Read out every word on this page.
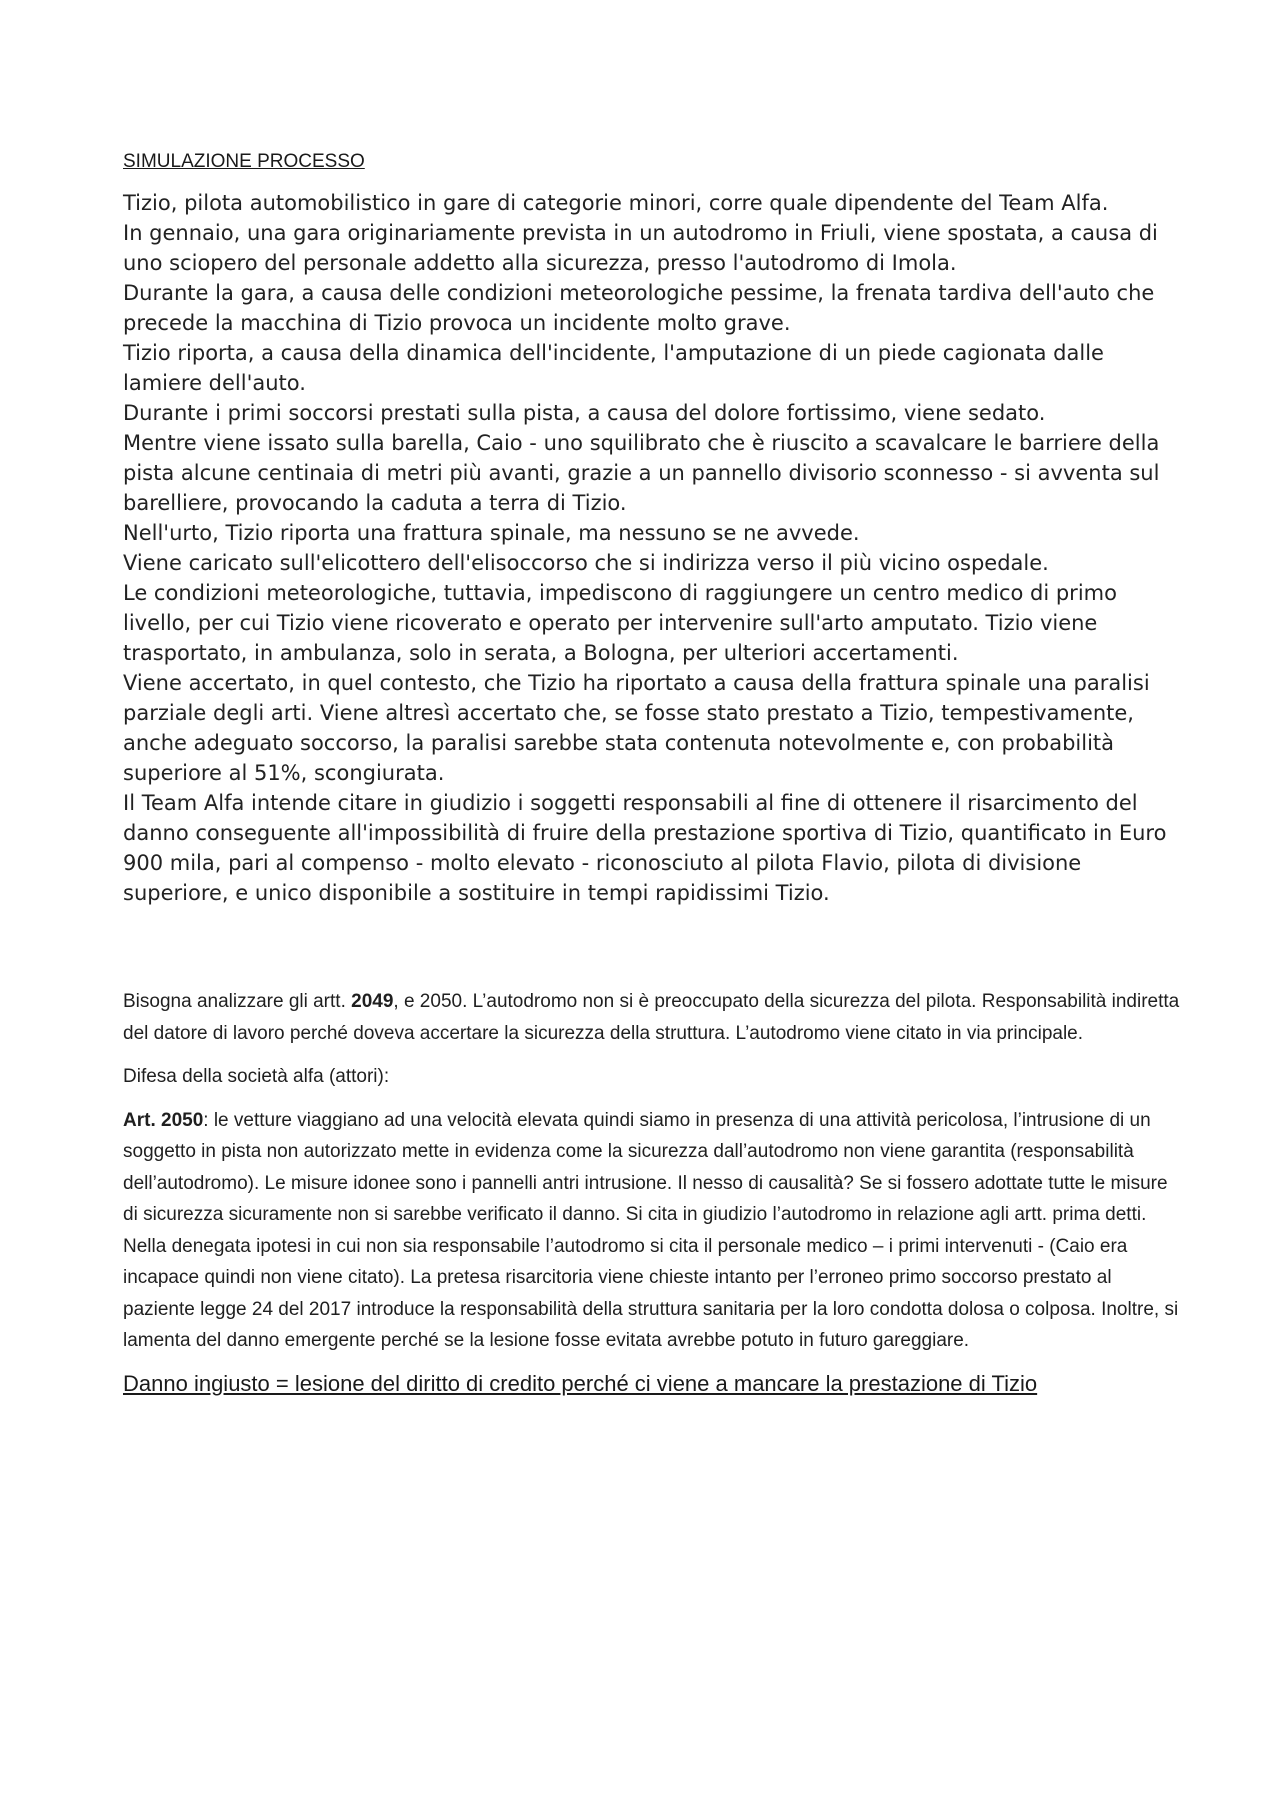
SIMULAZIONE PROCESSO

Tizio, pilota automobilistico in gare di categorie minori, corre quale dipendente del Team Alfa.

In gennaio, una gara originariamente prevista in un autodromo in Friuli, viene spostata, a causa di uno sciopero del personale addetto alla sicurezza, presso l'autodromo di Imola.

Durante la gara, a causa delle condizioni meteorologiche pessime, la frenata tardiva dell'auto che precede la macchina di Tizio provoca un incidente molto grave.

Tizio riporta, a causa della dinamica dell'incidente, l'amputazione di un piede cagionata dalle lamiere dell'auto.

Durante i primi soccorsi prestati sulla pista, a causa del dolore fortissimo, viene sedato.

Mentre viene issato sulla barella, Caio - uno squilibrato che è riuscito a scavalcare le barriere della pista alcune centinaia di metri più avanti, grazie a un pannello divisorio sconnesso - si avventa sul barelliere, provocando la caduta a terra di Tizio.

Nell'urto, Tizio riporta una frattura spinale, ma nessuno se ne avvede.

Viene caricato sull'elicottero dell'elisoccorso che si indirizza verso il più vicino ospedale.

Le condizioni meteorologiche, tuttavia, impediscono di raggiungere un centro medico di primo livello, per cui Tizio viene ricoverato e operato per intervenire sull'arto amputato. Tizio viene trasportato, in ambulanza, solo in serata, a Bologna, per ulteriori accertamenti.

Viene accertato, in quel contesto, che Tizio ha riportato a causa della frattura spinale una paralisi parziale degli arti. Viene altresì accertato che, se fosse stato prestato a Tizio, tempestivamente, anche adeguato soccorso, la paralisi sarebbe stata contenuta notevolmente e, con probabilità superiore al 51%, scongiurata.

Il Team Alfa intende citare in giudizio i soggetti responsabili al fine di ottenere il risarcimento del danno conseguente all'impossibilità di fruire della prestazione sportiva di Tizio, quantificato in Euro 900 mila, pari al compenso - molto elevato - riconosciuto al pilota Flavio, pilota di divisione superiore, e unico disponibile a sostituire in tempi rapidissimi Tizio.

Bisogna analizzare gli artt. 2049, e 2050. L’autodromo non si è preoccupato della sicurezza del pilota. Responsabilità indiretta del datore di lavoro perché doveva accertare la sicurezza della struttura. L’autodromo viene citato in via principale.

Difesa della società alfa (attori):

Art. 2050: le vetture viaggiano ad una velocità elevata quindi siamo in presenza di una attività pericolosa, l’intrusione di un soggetto in pista non autorizzato mette in evidenza come la sicurezza dall’autodromo non viene garantita (responsabilità dell’autodromo). Le misure idonee sono i pannelli antri intrusione. Il nesso di causalità? Se si fossero adottate tutte le misure di sicurezza sicuramente non si sarebbe verificato il danno. Si cita in giudizio l’autodromo in relazione agli artt. prima detti. Nella denegata ipotesi in cui non sia responsabile l’autodromo si cita il personale medico – i primi intervenuti - (Caio era incapace quindi non viene citato). La pretesa risarcitoria viene chieste intanto per l’erroneo primo soccorso prestato al paziente legge 24 del 2017 introduce la responsabilità della struttura sanitaria per la loro condotta dolosa o colposa. Inoltre, si lamenta del danno emergente perché se la lesione fosse evitata avrebbe potuto in futuro gareggiare.

Danno ingiusto = lesione del diritto di credito perché ci viene a mancare la prestazione di Tizio
